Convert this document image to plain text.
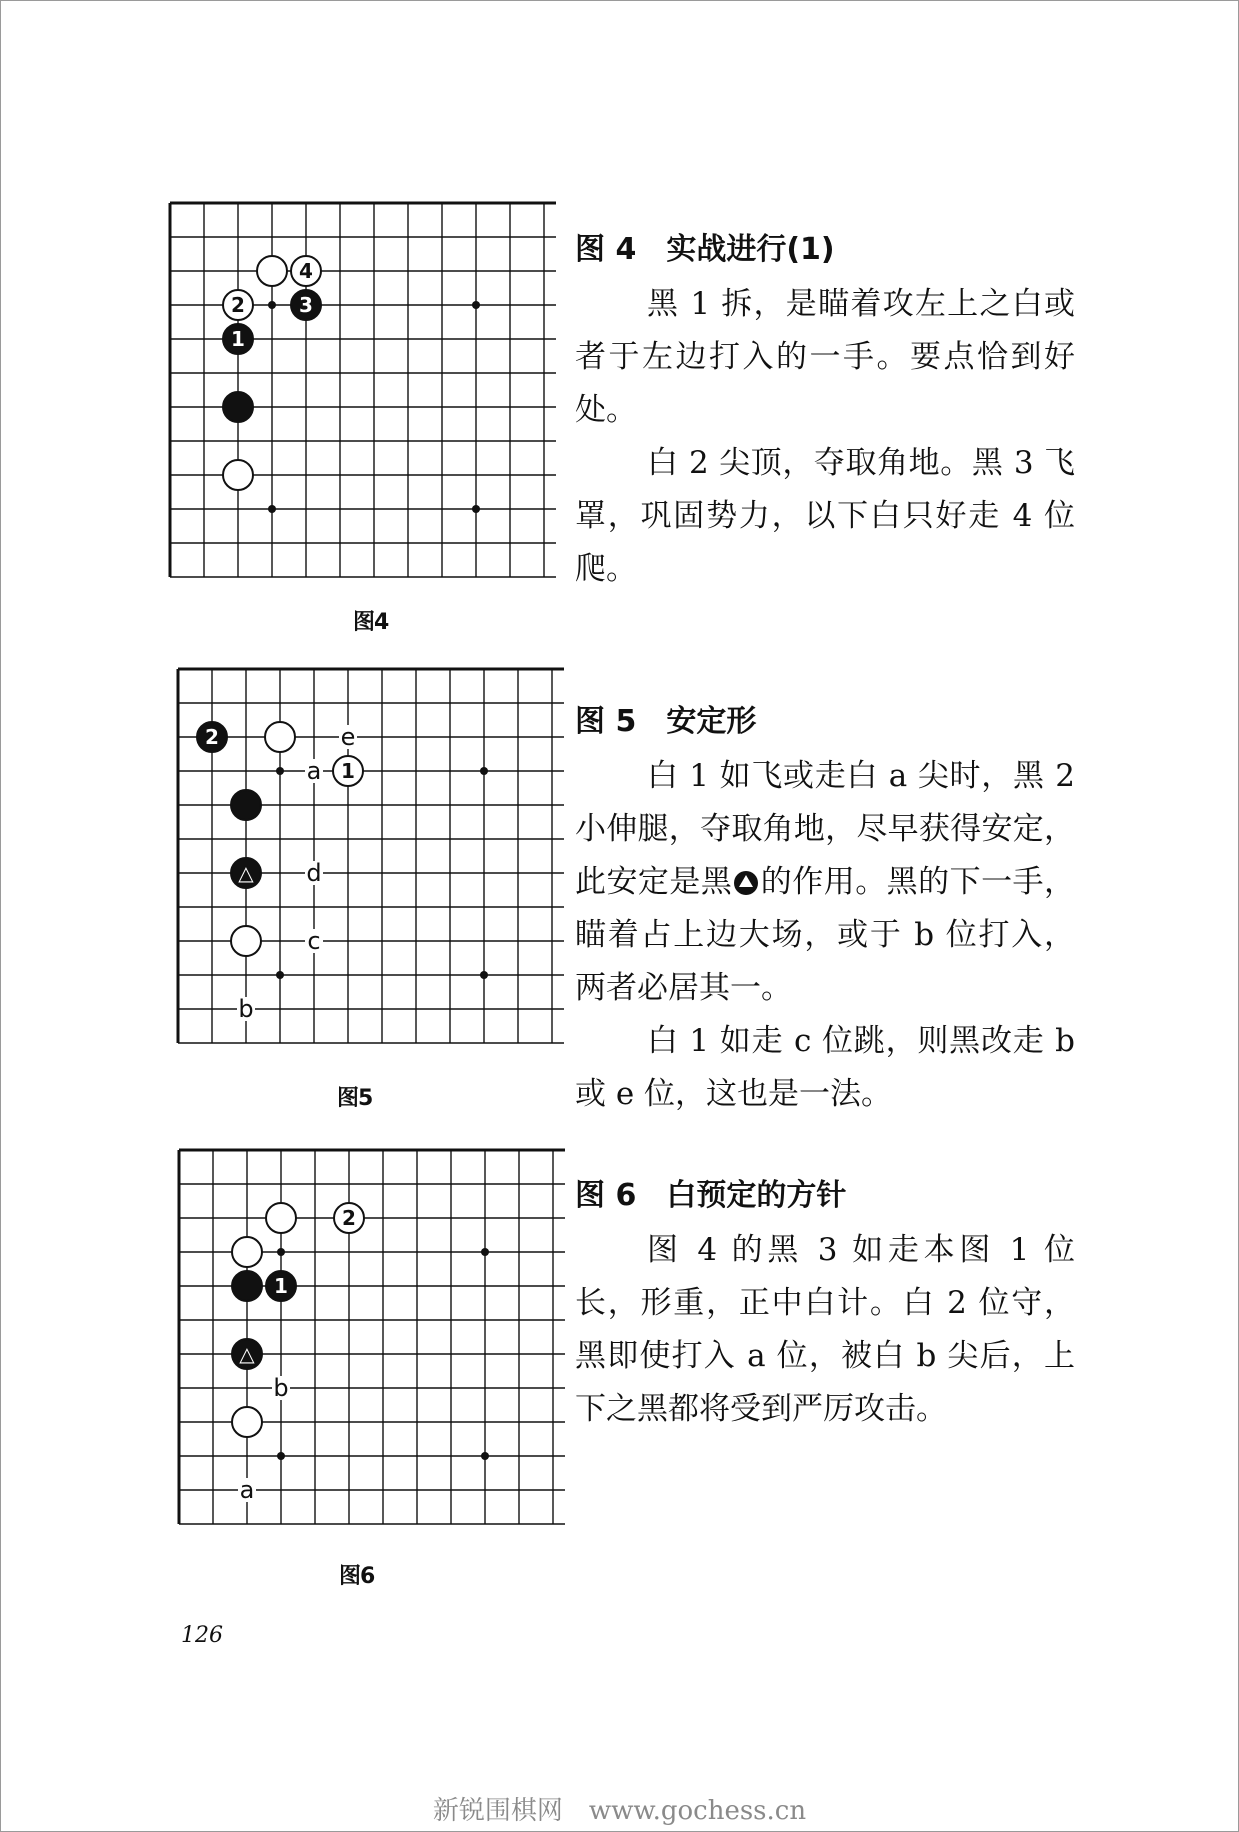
4
2	3
1
图4
图 4　实战进行(1)
黑 1 拆，是瞄着攻左上之白或者于左边打入的一手。要点恰到好处。
白 2 尖顶，夺取角地。黑 3 飞罩，巩固势力，以下白只好走 4 位爬。
e
a
d
c
b
2
1
△
图5
图 5　安定形
白 1 如飞或走白 a 尖时，黑 2 小伸腿，夺取角地，尽早获得安定，此安定是黑 的作用。黑的下一手，瞄着占上边大场，或于 b 位打入，两者必居其一。
白 1 如走 c 位跳，则黑改走 b 或 e 位，这也是一法。
b
a
2
1
△
图6
图 6　白预定的方针
图 4 的黑 3 如走本图 1 位长，形重，正中白计。白 2 位守，黑即使打入 a 位，被白 b 尖后，上下之黑都将受到严厉攻击。
126
新锐围棋网　www.gochess.cn
